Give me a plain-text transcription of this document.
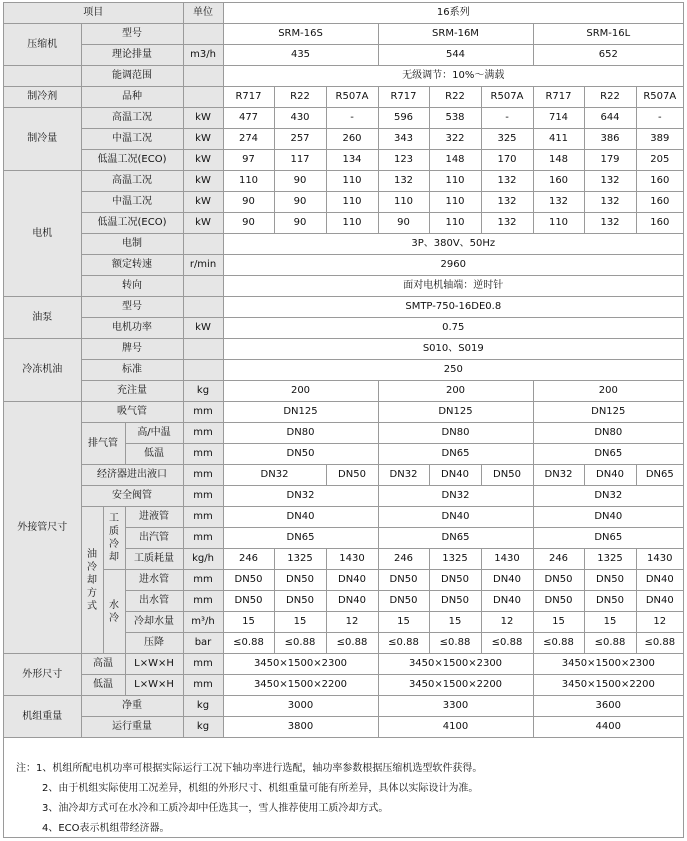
项目				单位	16系列								
压缩机	型号				SRM-16S			SRM-16M			SRM-16L		
	理论排量			m3/h	435			544			652		
	能调范围				无级调节：10%～满载								
制冷剂	品种				R717	R22	R507A	R717	R22	R507A	R717	R22	R507A
制冷量	高温工况			kW	477	430	-	596	538	-	714	644	-
	中温工况			kW	274	257	260	343	322	325	411	386	389
	低温工况(ECO)			kW	97	117	134	123	148	170	148	179	205
电机	高温工况			kW	110	90	110	132	110	132	160	132	160
	中温工况			kW	90	90	110	110	110	132	132	132	160
	低温工况(ECO)			kW	90	90	110	90	110	132	110	132	160
	电制				3P、380V、50Hz								
	额定转速			r/min	2960								
	转向				面对电机轴端：逆时针								
油泵	型号				SMTP-750-16DE0.8								
	电机功率			kW	0.75								
冷冻机油	牌号				S010、S019								
	标准				250								
	充注量			kg	200			200			200		
外接管尺寸	吸气管			mm	DN125			DN125			DN125		
	排气管		高/中温	mm	DN80			DN80			DN80		
			低温	mm	DN50			DN65			DN65		
	经济器进出液口			mm	DN32		DN50	DN32	DN40	DN50	DN32	DN40	DN65
	安全阀管			mm	DN32			DN32			DN32		
	油冷却方式	工质冷却	进液管	mm	DN40			DN40			DN40		
			出汽管	mm	DN65			DN65			DN65		
			工质耗量	kg/h	246	1325	1430	246	1325	1430	246	1325	1430
		水冷	进水管	mm	DN50	DN50	DN40	DN50	DN50	DN40	DN50	DN50	DN40
			出水管	mm	DN50	DN50	DN40	DN50	DN50	DN40	DN50	DN50	DN40
			冷却水量	m³/h	15	15	12	15	15	12	15	15	12
			压降	bar	≤0.88	≤0.88	≤0.88	≤0.88	≤0.88	≤0.88	≤0.88	≤0.88	≤0.88
外形尺寸	高温		L×W×H	mm	3450×1500×2300			3450×1500×2300			3450×1500×2300		
	低温		L×W×H	mm	3450×1500×2200			3450×1500×2200			3450×1500×2200		
机组重量	净重			kg	3000			3300			3600		
	运行重量			kg	3800			4100			4400		
注：1、机组所配电机功率可根据实际运行工况下轴功率进行选配，轴功率参数根据压缩机选型软件获得。
2、由于机组实际使用工况差异，机组的外形尺寸、机组重量可能有所差异，具体以实际设计为准。
3、油冷却方式可在水冷和工质冷却中任选其一，雪人推荐使用工质冷却方式。
4、ECO表示机组带经济器。
